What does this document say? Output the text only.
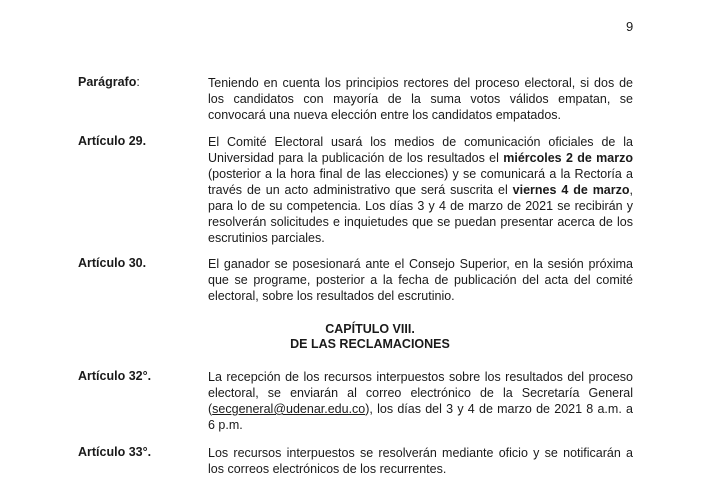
9
Parágrafo:	Teniendo en cuenta los principios rectores del proceso electoral, si dos de los candidatos con mayoría de la suma votos válidos empatan, se convocará una nueva elección entre los candidatos empatados.
Artículo 29.	El Comité Electoral usará los medios de comunicación oficiales de la Universidad para la publicación de los resultados el miércoles 2 de marzo (posterior a la hora final de las elecciones) y se comunicará a la Rectoría a través de un acto administrativo que será suscrita el viernes 4 de marzo, para lo de su competencia. Los días 3 y 4 de marzo de 2021 se recibirán y resolverán solicitudes e inquietudes que se puedan presentar acerca de los escrutinios parciales.
Artículo 30.	El ganador se posesionará ante el Consejo Superior, en la sesión próxima que se programe, posterior a la fecha de publicación del acta del comité electoral, sobre los resultados del escrutinio.
CAPÍTULO VIII.
DE LAS RECLAMACIONES
Artículo 32°.	La recepción de los recursos interpuestos sobre los resultados del proceso electoral, se enviarán al correo electrónico de la Secretaría General (secgeneral@udenar.edu.co), los días del 3 y 4 de marzo de 2021 8 a.m. a 6 p.m.
Artículo 33°.	Los recursos interpuestos se resolverán mediante oficio y se notificarán a los correos electrónicos de los recurrentes.
